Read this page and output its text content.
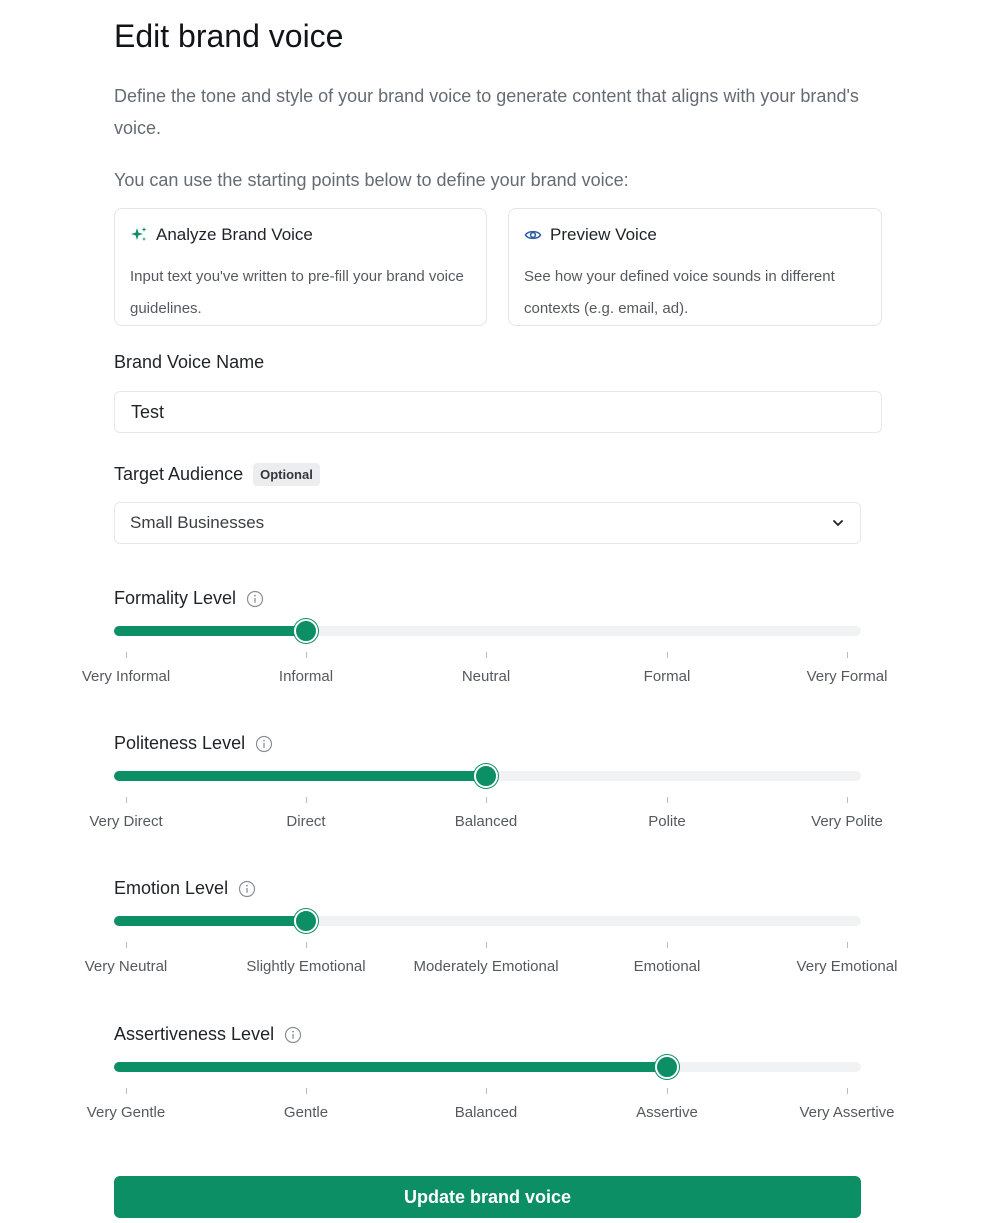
Edit brand voice

Define the tone and style of your brand voice to generate content that aligns with your brand's voice.

You can use the starting points below to define your brand voice:

Analyze Brand Voice
Input text you've written to pre-fill your brand voice guidelines.
Preview Voice
See how your defined voice sounds in different contexts (e.g. email, ad).
Brand Voice Name
Test
Target Audience	Optional
Small Businesses
Formality Level
Very Informal	Informal	Neutral	Formal	Very Formal
Politeness Level
Very Direct	Direct	Balanced	Polite	Very Polite
Emotion Level
Very Neutral	Slightly Emotional	Moderately Emotional	Emotional	Very Emotional
Assertiveness Level
Very Gentle	Gentle	Balanced	Assertive	Very Assertive
Update brand voice
